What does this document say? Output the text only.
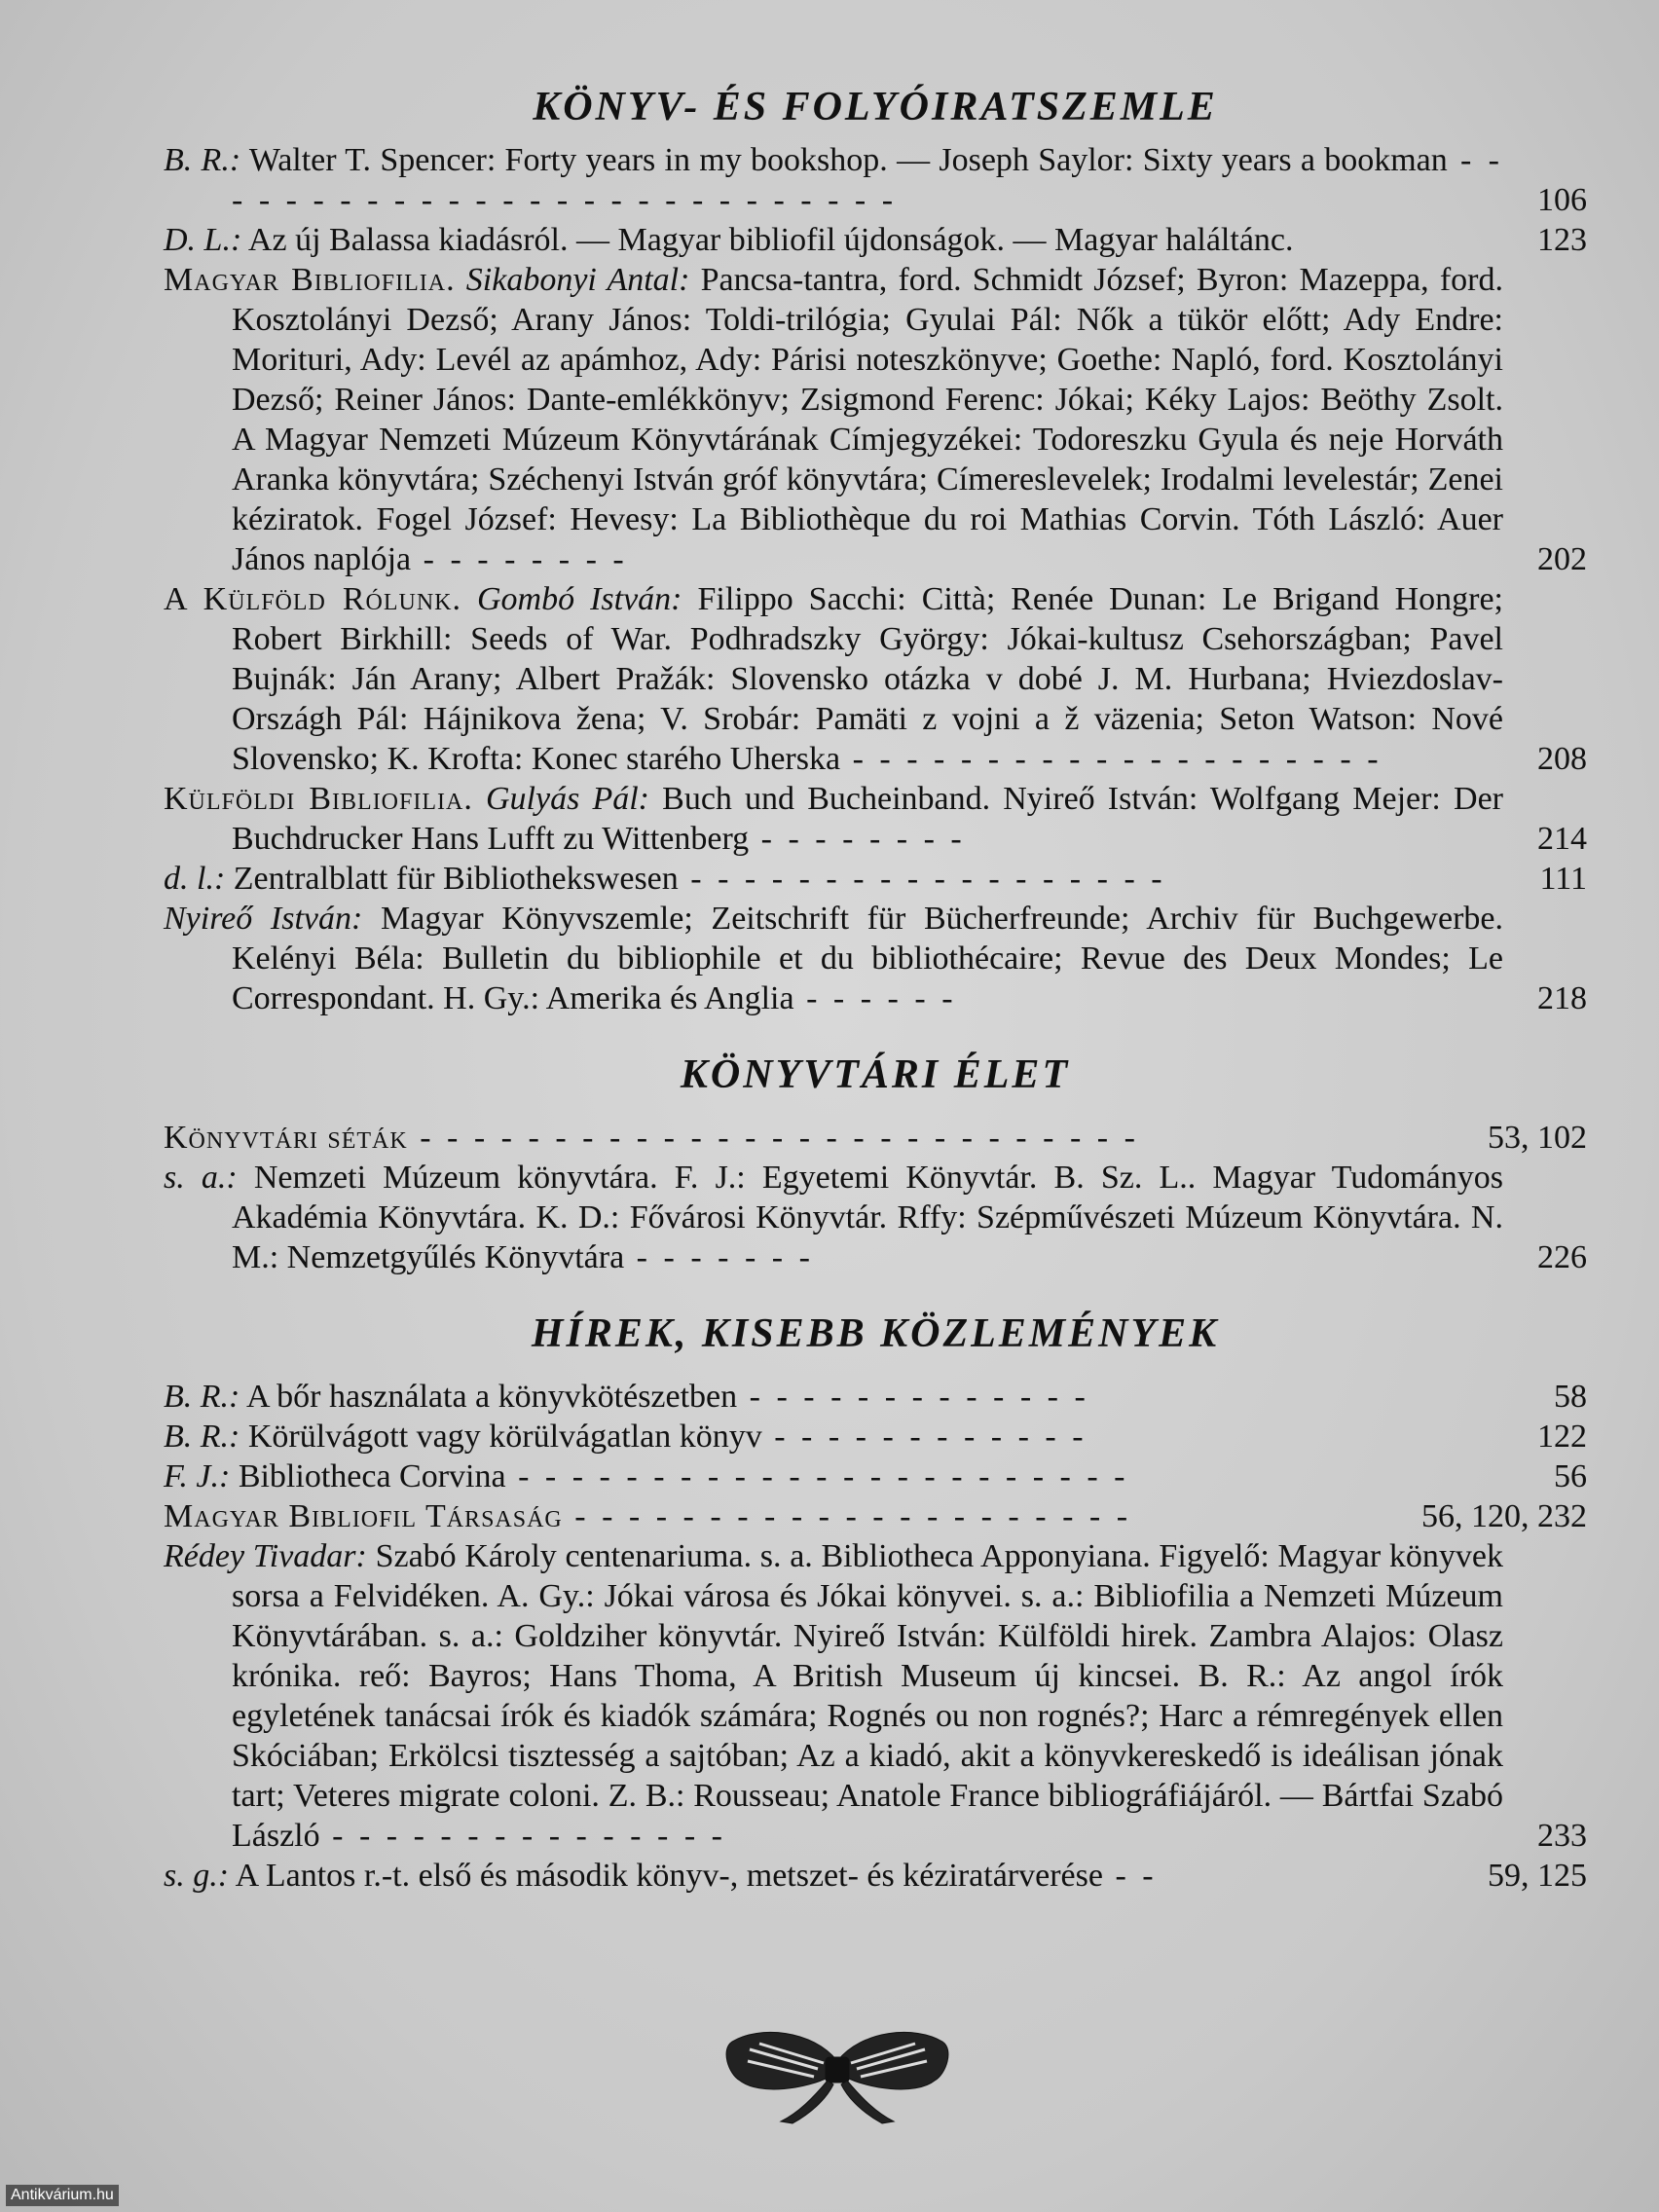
KÖNYV- ÉS FOLYÓIRATSZEMLE

B. R.: Walter T. Spencer: Forty years in my bookshop. — Joseph Saylor: Sixty years a bookman - - - - - - - - - - - - - - - - - - - - - - - - - - -	106

D. L.: Az új Balassa kiadásról. — Magyar bibliofil újdonságok. — Magyar haláltánc.	123

Magyar Bibliofilia. Sikabonyi Antal: Pancsa-tantra, ford. Schmidt József; Byron: Mazeppa, ford. Kosztolányi Dezső; Arany János: Toldi-trilógia; Gyulai Pál: Nők a tükör előtt; Ady Endre: Morituri, Ady: Levél az apámhoz, Ady: Párisi noteszkönyve; Goethe: Napló, ford. Kosztolányi Dezső; Reiner János: Dante-emlékkönyv; Zsigmond Ferenc: Jókai; Kéky Lajos: Beöthy Zsolt. A Magyar Nemzeti Múzeum Könyvtárának Címjegyzékei: Todoreszku Gyula és neje Horváth Aranka könyvtára; Széchenyi István gróf könyvtára; Címereslevelek; Irodalmi levelestár; Zenei kéziratok. Fogel József: Hevesy: La Bibliothèque du roi Mathias Corvin. Tóth László: Auer János naplója - - - - - - - -	202

A Külföld Rólunk. Gombó István: Filippo Sacchi: Città; Renée Dunan: Le Brigand Hongre; Robert Birkhill: Seeds of War. Podhradszky György: Jókai-kultusz Csehországban; Pavel Bujnák: Ján Arany; Albert Pražák: Slovensko otázka v dobé J. M. Hurbana; Hviezdoslav-Országh Pál: Hájnikova žena; V. Srobár: Pamäti z vojni a ž väzenia; Seton Watson: Nové Slovensko; K. Krofta: Konec starého Uherska - - - - - - - - - - - - - - - - - - - -	208

Külföldi Bibliofilia. Gulyás Pál: Buch und Bucheinband. Nyireő István: Wolfgang Mejer: Der Buchdrucker Hans Lufft zu Wittenberg - - - - - - - -	214

d. l.: Zentralblatt für Bibliothekswesen - - - - - - - - - - - - - - - - - -	111

Nyireő István: Magyar Könyvszemle; Zeitschrift für Bücherfreunde; Archiv für Buchgewerbe. Kelényi Béla: Bulletin du bibliophile et du bibliothécaire; Revue des Deux Mondes; Le Correspondant. H. Gy.: Amerika és Anglia - - - - - -	218

KÖNYVTÁRI ÉLET

Könyvtári séták - - - - - - - - - - - - - - - - - - - - - - - - - - -	53, 102

s. a.: Nemzeti Múzeum könyvtára. F. J.: Egyetemi Könyvtár. B. Sz. L.. Magyar Tudományos Akadémia Könyvtára. K. D.: Fővárosi Könyvtár. Rffy: Szépművészeti Múzeum Könyvtára. N. M.: Nemzetgyűlés Könyvtára - - - - - - -	226

HÍREK, KISEBB KÖZLEMÉNYEK

B. R.: A bőr használata a könyvkötészetben - - - - - - - - - - - - -	58

B. R.: Körülvágott vagy körülvágatlan könyv - - - - - - - - - - - -	122

F. J.: Bibliotheca Corvina - - - - - - - - - - - - - - - - - - - - - - -	56

Magyar Bibliofil Társaság - - - - - - - - - - - - - - - - - - - - -	56, 120, 232

Rédey Tivadar: Szabó Károly centenariuma. s. a. Bibliotheca Apponyiana. Figyelő: Magyar könyvek sorsa a Felvidéken. A. Gy.: Jókai városa és Jókai könyvei. s. a.: Bibliofilia a Nemzeti Múzeum Könyvtárában. s. a.: Goldziher könyvtár. Nyireő István: Külföldi hirek. Zambra Alajos: Olasz krónika. reő: Bayros; Hans Thoma, A British Museum új kincsei. B. R.: Az angol írók egyletének tanácsai írók és kiadók számára; Rognés ou non rognés?; Harc a rémregények ellen Skóciában; Erkölcsi tisztesség a sajtóban; Az a kiadó, akit a könyvkereskedő is ideálisan jónak tart; Veteres migrate coloni. Z. B.: Rousseau; Anatole France bibliográfiájáról. — Bártfai Szabó László - - - - - - - - - - - - - - -	233

s. g.: A Lantos r.-t. első és második könyv-, metszet- és kéziratárverése - -	59, 125

Antikvárium.hu
